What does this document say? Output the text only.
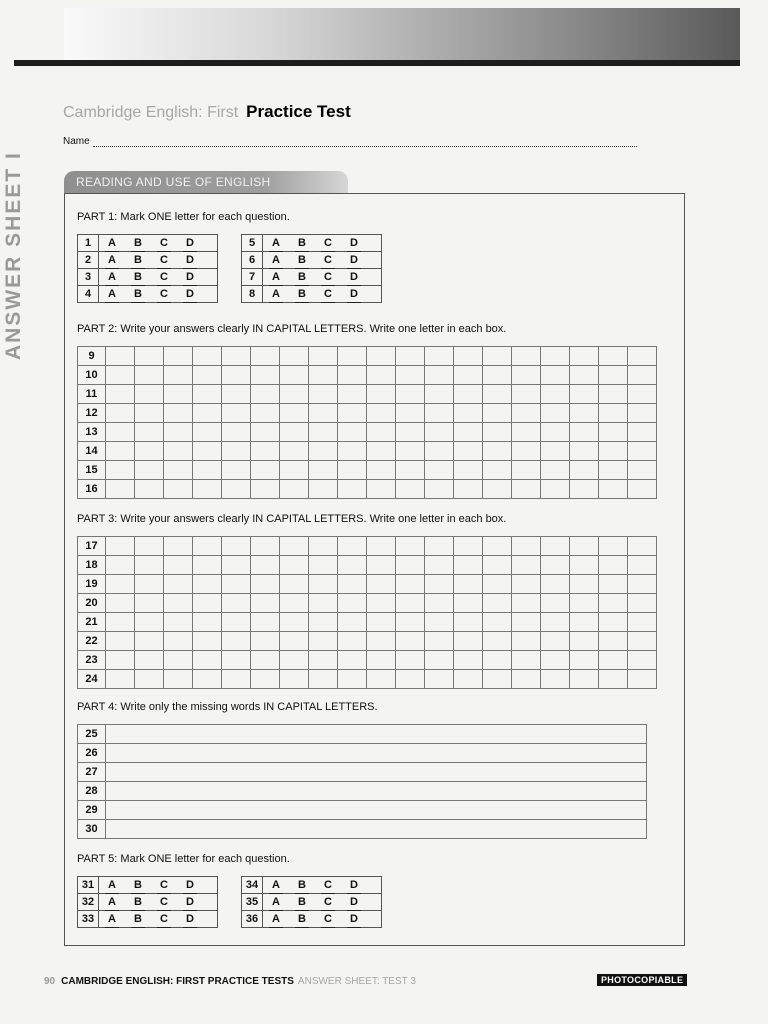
ANSWER SHEET I
Cambridge English: First Practice Test
Name
READING AND USE OF ENGLISH
PART 1: Mark ONE letter for each question.
1	A B C D
2	A B C D
3	A B C D
4	A B C D
5	A B C D
6	A B C D
7	A B C D
8	A B C D
PART 2: Write your answers clearly IN CAPITAL LETTERS. Write one letter in each box.
9																			
10																			
11																			
12																			
13																			
14																			
15																			
16																			
PART 3: Write your answers clearly IN CAPITAL LETTERS. Write one letter in each box.
17																			
18																			
19																			
20																			
21																			
22																			
23																			
24																			
PART 4: Write only the missing words IN CAPITAL LETTERS.
25	
26	
27	
28	
29	
30	
PART 5: Mark ONE letter for each question.
31	A B C D
32	A B C D
33	A B C D
34	A B C D
35	A B C D
36	A B C D
90 CAMBRIDGE ENGLISH: FIRST PRACTICE TESTS ANSWER SHEET: TEST 3	PHOTOCOPIABLE
